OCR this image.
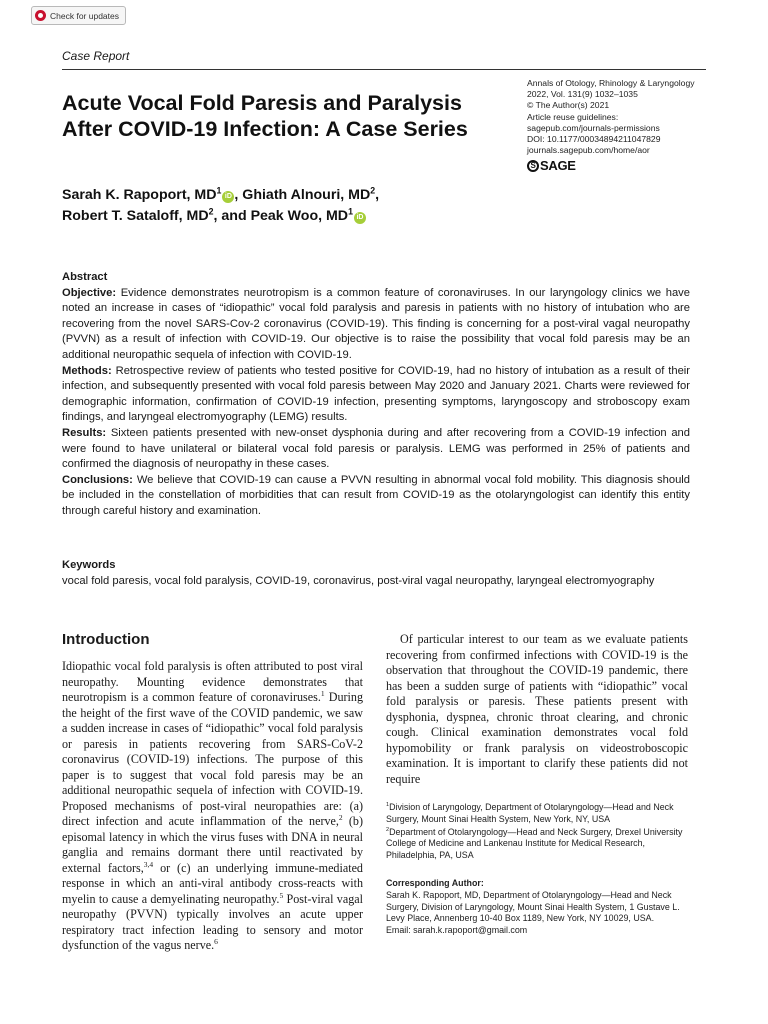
Check for updates
Case Report
Acute Vocal Fold Paresis and Paralysis After COVID-19 Infection: A Case Series
Annals of Otology, Rhinology & Laryngology
2022, Vol. 131(9) 1032–1035
© The Author(s) 2021
Article reuse guidelines:
sagepub.com/journals-permissions
DOI: 10.1177/00034894211047829
journals.sagepub.com/home/aor
S SAGE
Sarah K. Rapoport, $MD^1iD$ , Ghiath Alnouri, $MD^2$,
Robert T. Sataloff, $MD^2$, and Peak Woo, $MD^1iD$

Abstract

Objective: Evidence demonstrates neurotropism is a common feature of coronaviruses. In our laryngology clinics we have noted an increase in cases of “idiopathic” vocal fold paralysis and paresis in patients with no history of intubation who are recovering from the novel SARS-Cov-2 coronavirus (COVID-19). This finding is concerning for a post-viral vagal neuropathy (PVVN) as a result of infection with COVID-19. Our objective is to raise the possibility that vocal fold paresis may be an additional neuropathic sequela of infection with COVID-19.

Methods: Retrospective review of patients who tested positive for COVID-19, had no history of intubation as a result of their infection, and subsequently presented with vocal fold paresis between May 2020 and January 2021. Charts were reviewed for demographic information, confirmation of COVID-19 infection, presenting symptoms, laryngoscopy and stroboscopy exam findings, and laryngeal electromyography (LEMG) results.

Results: Sixteen patients presented with new-onset dysphonia during and after recovering from a COVID-19 infection and were found to have unilateral or bilateral vocal fold paresis or paralysis. LEMG was performed in 25% of patients and confirmed the diagnosis of neuropathy in these cases.

Conclusions: We believe that COVID-19 can cause a PVVN resulting in abnormal vocal fold mobility. This diagnosis should be included in the constellation of morbidities that can result from COVID-19 as the otolaryngologist can identify this entity through careful history and examination.

Keywords
vocal fold paresis, vocal fold paralysis, COVID-19, coronavirus, post-viral vagal neuropathy, laryngeal electromyography
Introduction

Idiopathic vocal fold paralysis is often attributed to post viral neuropathy. Mounting evidence demonstrates that neurotropism is a common feature of coronaviruses.$^1$ During the height of the first wave of the COVID pandemic, we saw a sudden increase in cases of “idiopathic” vocal fold paralysis or paresis in patients recovering from SARS-CoV-2 coronavirus (COVID-19) infections. The purpose of this paper is to suggest that vocal fold paresis may be an additional neuropathic sequela of infection with COVID-19. Proposed mechanisms of post-viral neuropathies are: (a) direct infection and acute inflammation of the nerve,$^2$ (b) episomal latency in which the virus fuses with DNA in neural ganglia and remains dormant there until reactivated by external factors,$^{3,4}$ or (c) an underlying immune-mediated response in which an anti-viral antibody cross-reacts with myelin to cause a demyelinating neuropathy.$^5$ Post-viral vagal neuropathy (PVVN) typically involves an acute upper respiratory tract infection leading to sensory and motor dysfunction of the vagus nerve.$^6$

Of particular interest to our team as we evaluate patients recovering from confirmed infections with COVID-19 is the observation that throughout the COVID-19 pandemic, there has been a sudden surge of patients with “idiopathic” vocal fold paralysis or paresis. These patients present with dysphonia, dyspnea, chronic throat clearing, and chronic cough. Clinical examination demonstrates vocal fold hypomobility or frank paralysis on videostroboscopic examination. It is important to clarify these patients did not require

$^1$Division of Laryngology, Department of Otolaryngology—Head and Neck Surgery, Mount Sinai Health System, New York, NY, USA

$^2$Department of Otolaryngology—Head and Neck Surgery, Drexel University College of Medicine and Lankenau Institute for Medical Research, Philadelphia, PA, USA

Corresponding Author:

Sarah K. Rapoport, MD, Department of Otolaryngology—Head and Neck Surgery, Division of Laryngology, Mount Sinai Health System, 1 Gustave L. Levy Place, Annenberg 10-40 Box 1189, New York, NY 10029, USA.

Email: sarah.k.rapoport@gmail.com
